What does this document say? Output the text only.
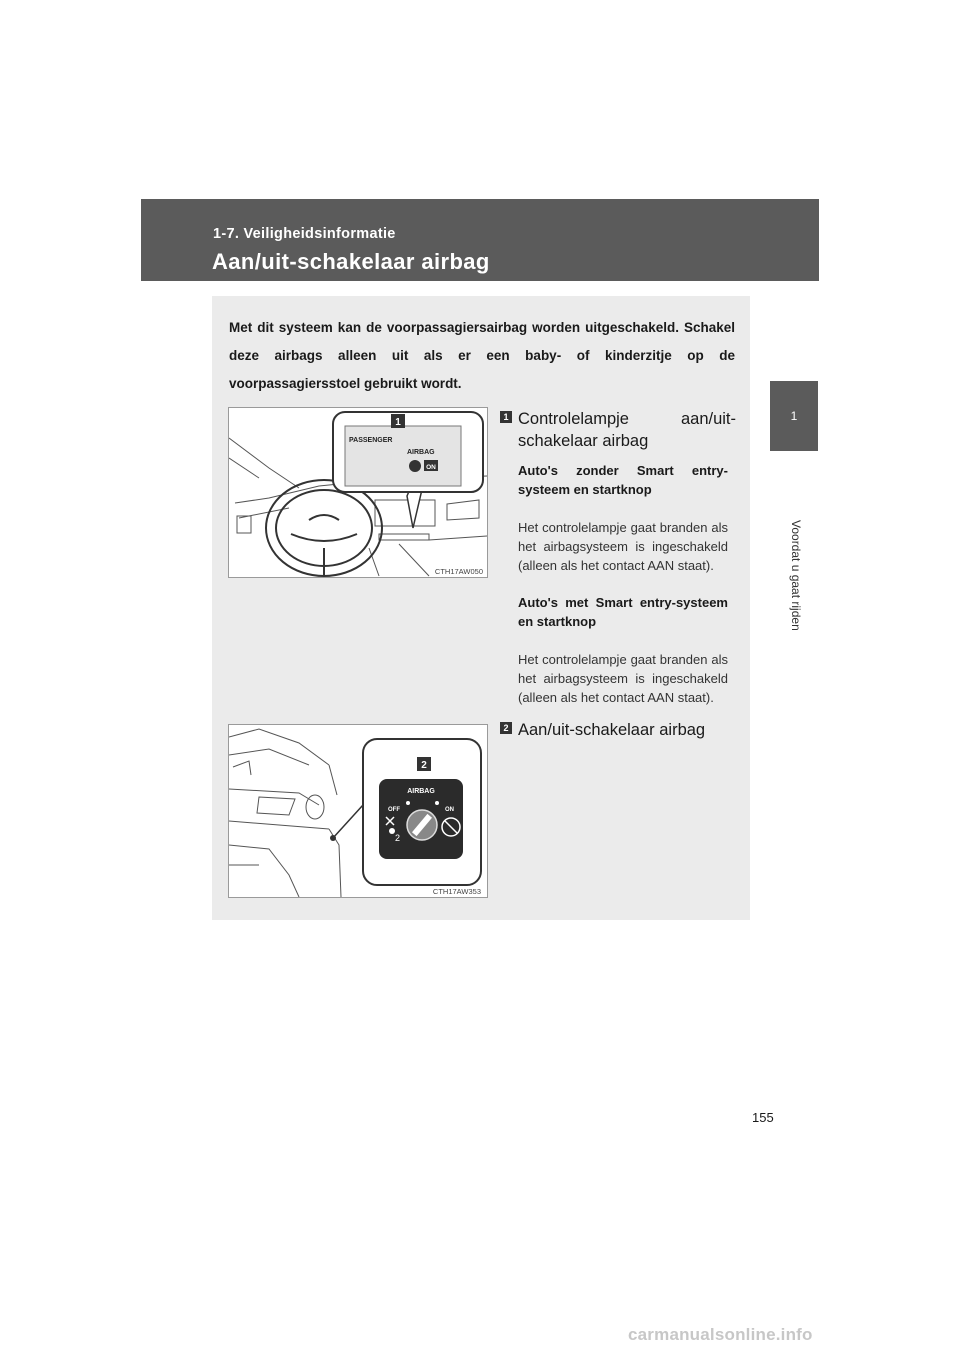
1-7. Veiligheidsinformatie
Aan/uit-schakelaar airbag
1
Voordat u gaat rijden
Met dit systeem kan de voorpassagiersairbag worden uitgeschakeld. Schakel deze airbags alleen uit als er een baby- of kinderzitje op de voorpassagiersstoel gebruikt wordt.
1
PASSENGER
AIRBAG
ON
CTH17AW050
1 Controlelampje aan/uit-schakelaar airbag
Auto's zonder Smart entry-systeem en startknop
Het controlelampje gaat branden als het airbagsysteem is ingeschakeld (alleen als het contact AAN staat).
Auto's met Smart entry-systeem en startknop
Het controlelampje gaat branden als het airbagsysteem is ingeschakeld (alleen als het contact AAN staat).
2
AIRBAG
OFF	ON
2
CTH17AW353
2 Aan/uit-schakelaar airbag
155
carmanualsonline.info
